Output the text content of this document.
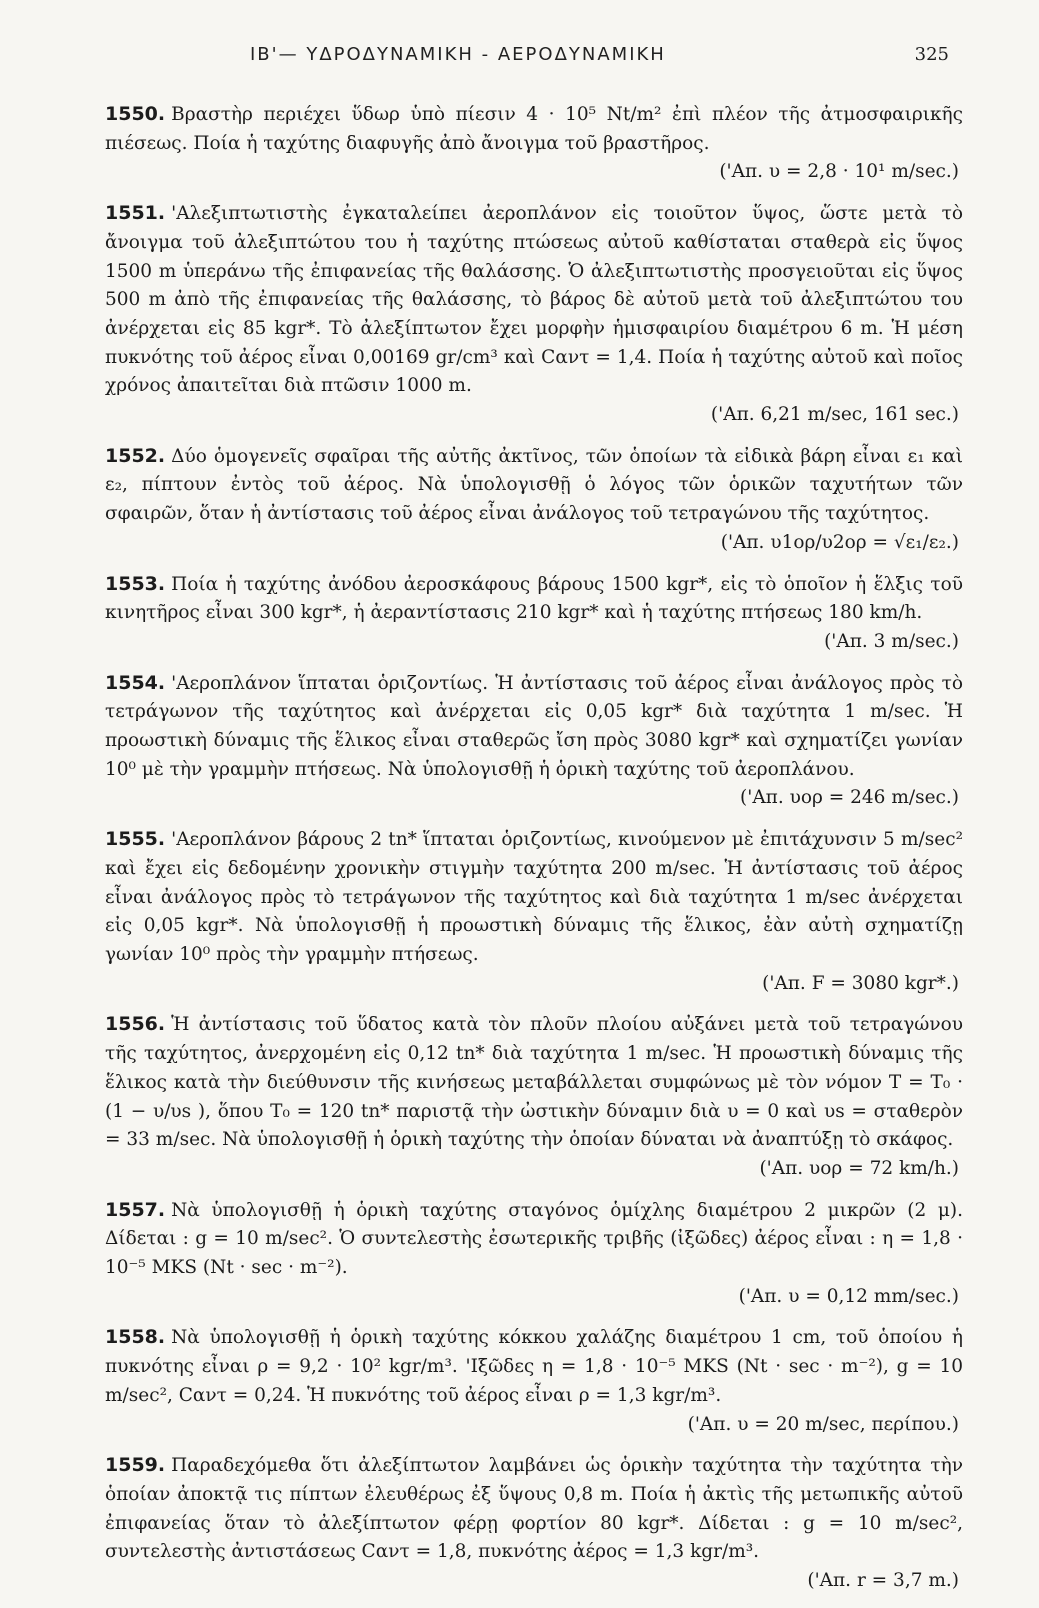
ΙΒ'— ΥΔΡΟΔΥΝΑΜΙΚΗ - ΑΕΡΟΔΥΝΑΜΙΚΗ	325

1550. Βραστὴρ περιέχει ὕδωρ ὑπὸ πίεσιν 4 · 10⁵ Nt/m² ἐπὶ πλέον τῆς ἀτμοσφαιρικῆς πιέσεως. Ποία ἡ ταχύτης διαφυγῆς ἀπὸ ἄνοιγμα τοῦ βραστῆρος.
('Απ. υ = 2,8 · 10¹ m/sec.)

1551. 'Αλεξιπτωτιστὴς ἐγκαταλείπει ἀεροπλάνον εἰς τοιοῦτον ὕψος, ὥστε μετὰ τὸ ἄνοιγμα τοῦ ἀλεξιπτώτου του ἡ ταχύτης πτώσεως αὐτοῦ καθίσταται σταθερὰ εἰς ὕψος 1500 m ὑπεράνω τῆς ἐπιφανείας τῆς θαλάσσης. Ὁ ἀλεξιπτωτιστὴς προσγειοῦται εἰς ὕψος 500 m ἀπὸ τῆς ἐπιφανείας τῆς θαλάσσης, τὸ βάρος δὲ αὐτοῦ μετὰ τοῦ ἀλεξιπτώτου του ἀνέρχεται εἰς 85 kgr*. Τὸ ἀλεξίπτωτον ἔχει μορφὴν ἡμισφαιρίου διαμέτρου 6 m. Ἡ μέση πυκνότης τοῦ ἀέρος εἶναι 0,00169 gr/cm³ καὶ Cαντ = 1,4. Ποία ἡ ταχύτης αὐτοῦ καὶ ποῖος χρόνος ἀπαιτεῖται διὰ πτῶσιν 1000 m.
('Απ. 6,21 m/sec, 161 sec.)

1552. Δύο ὁμογενεῖς σφαῖραι τῆς αὐτῆς ἀκτῖνος, τῶν ὁποίων τὰ εἰδικὰ βάρη εἶναι ε₁ καὶ ε₂, πίπτουν ἐντὸς τοῦ ἀέρος. Νὰ ὑπολογισθῇ ὁ λόγος τῶν ὁρικῶν ταχυτήτων τῶν σφαιρῶν, ὅταν ἡ ἀντίστασις τοῦ ἀέρος εἶναι ἀνάλογος τοῦ τετραγώνου τῆς ταχύτητος.
('Απ. υ1ορ/υ2ορ = √ε₁/ε₂.)

1553. Ποία ἡ ταχύτης ἀνόδου ἀεροσκάφους βάρους 1500 kgr*, εἰς τὸ ὁποῖον ἡ ἕλξις τοῦ κινητῆρος εἶναι 300 kgr*, ἡ ἀεραντίστασις 210 kgr* καὶ ἡ ταχύτης πτήσεως 180 km/h.
('Απ. 3 m/sec.)

1554. 'Αεροπλάνον ἵπταται ὁριζοντίως. Ἡ ἀντίστασις τοῦ ἀέρος εἶναι ἀνάλογος πρὸς τὸ τετράγωνον τῆς ταχύτητος καὶ ἀνέρχεται εἰς 0,05 kgr* διὰ ταχύτητα 1 m/sec. Ἡ προωστικὴ δύναμις τῆς ἕλικος εἶναι σταθερῶς ἴση πρὸς 3080 kgr* καὶ σχηματίζει γωνίαν 10⁰ μὲ τὴν γραμμὴν πτήσεως. Νὰ ὑπολογισθῇ ἡ ὁρικὴ ταχύτης τοῦ ἀεροπλάνου.
('Απ. υορ = 246 m/sec.)

1555. 'Αεροπλάνον βάρους 2 tn* ἵπταται ὁριζοντίως, κινούμενον μὲ ἐπιτάχυνσιν 5 m/sec² καὶ ἔχει εἰς δεδομένην χρονικὴν στιγμὴν ταχύτητα 200 m/sec. Ἡ ἀντίστασις τοῦ ἀέρος εἶναι ἀνάλογος πρὸς τὸ τετράγωνον τῆς ταχύτητος καὶ διὰ ταχύτητα 1 m/sec ἀνέρχεται εἰς 0,05 kgr*. Νὰ ὑπολογισθῇ ἡ προωστικὴ δύναμις τῆς ἕλικος, ἐὰν αὐτὴ σχηματίζῃ γωνίαν 10⁰ πρὸς τὴν γραμμὴν πτήσεως.
('Απ. F = 3080 kgr*.)

1556. Ἡ ἀντίστασις τοῦ ὕδατος κατὰ τὸν πλοῦν πλοίου αὐξάνει μετὰ τοῦ τετραγώνου τῆς ταχύτητος, ἀνερχομένη εἰς 0,12 tn* διὰ ταχύτητα 1 m/sec. Ἡ προωστικὴ δύναμις τῆς ἕλικος κατὰ τὴν διεύθυνσιν τῆς κινήσεως μεταβάλλεται συμφώνως μὲ τὸν νόμον T = T₀ · (1 − υ/υs ), ὅπου T₀ = 120 tn* παριστᾷ τὴν ὠστικὴν δύναμιν διὰ υ = 0 καὶ υs = σταθερὸν = 33 m/sec. Νὰ ὑπολογισθῇ ἡ ὁρικὴ ταχύτης τὴν ὁποίαν δύναται νὰ ἀναπτύξῃ τὸ σκάφος.
('Απ. υορ = 72 km/h.)

1557. Νὰ ὑπολογισθῇ ἡ ὁρικὴ ταχύτης σταγόνος ὁμίχλης διαμέτρου 2 μικρῶν (2 μ). Δίδεται : g = 10 m/sec². Ὁ συντελεστὴς ἐσωτερικῆς τριβῆς (ἰξῶδες) ἀέρος εἶναι : η = 1,8 · 10⁻⁵ MKS (Nt · sec · m⁻²).
('Απ. υ = 0,12 mm/sec.)

1558. Νὰ ὑπολογισθῇ ἡ ὁρικὴ ταχύτης κόκκου χαλάζης διαμέτρου 1 cm, τοῦ ὁποίου ἡ πυκνότης εἶναι ρ = 9,2 · 10² kgr/m³. 'Ιξῶδες η = 1,8 · 10⁻⁵ MKS (Nt · sec · m⁻²), g = 10 m/sec², Cαντ = 0,24. Ἡ πυκνότης τοῦ ἀέρος εἶναι ρ = 1,3 kgr/m³.
('Απ. υ = 20 m/sec, περίπου.)

1559. Παραδεχόμεθα ὅτι ἀλεξίπτωτον λαμβάνει ὡς ὁρικὴν ταχύτητα τὴν ταχύτητα τὴν ὁποίαν ἀποκτᾷ τις πίπτων ἐλευθέρως ἐξ ὕψους 0,8 m. Ποία ἡ ἀκτὶς τῆς μετωπικῆς αὐτοῦ ἐπιφανείας ὅταν τὸ ἀλεξίπτωτον φέρῃ φορτίον 80 kgr*. Δίδεται : g = 10 m/sec², συντελεστὴς ἀντιστάσεως Cαντ = 1,8, πυκνότης ἀέρος = 1,3 kgr/m³.
('Απ. r = 3,7 m.)
